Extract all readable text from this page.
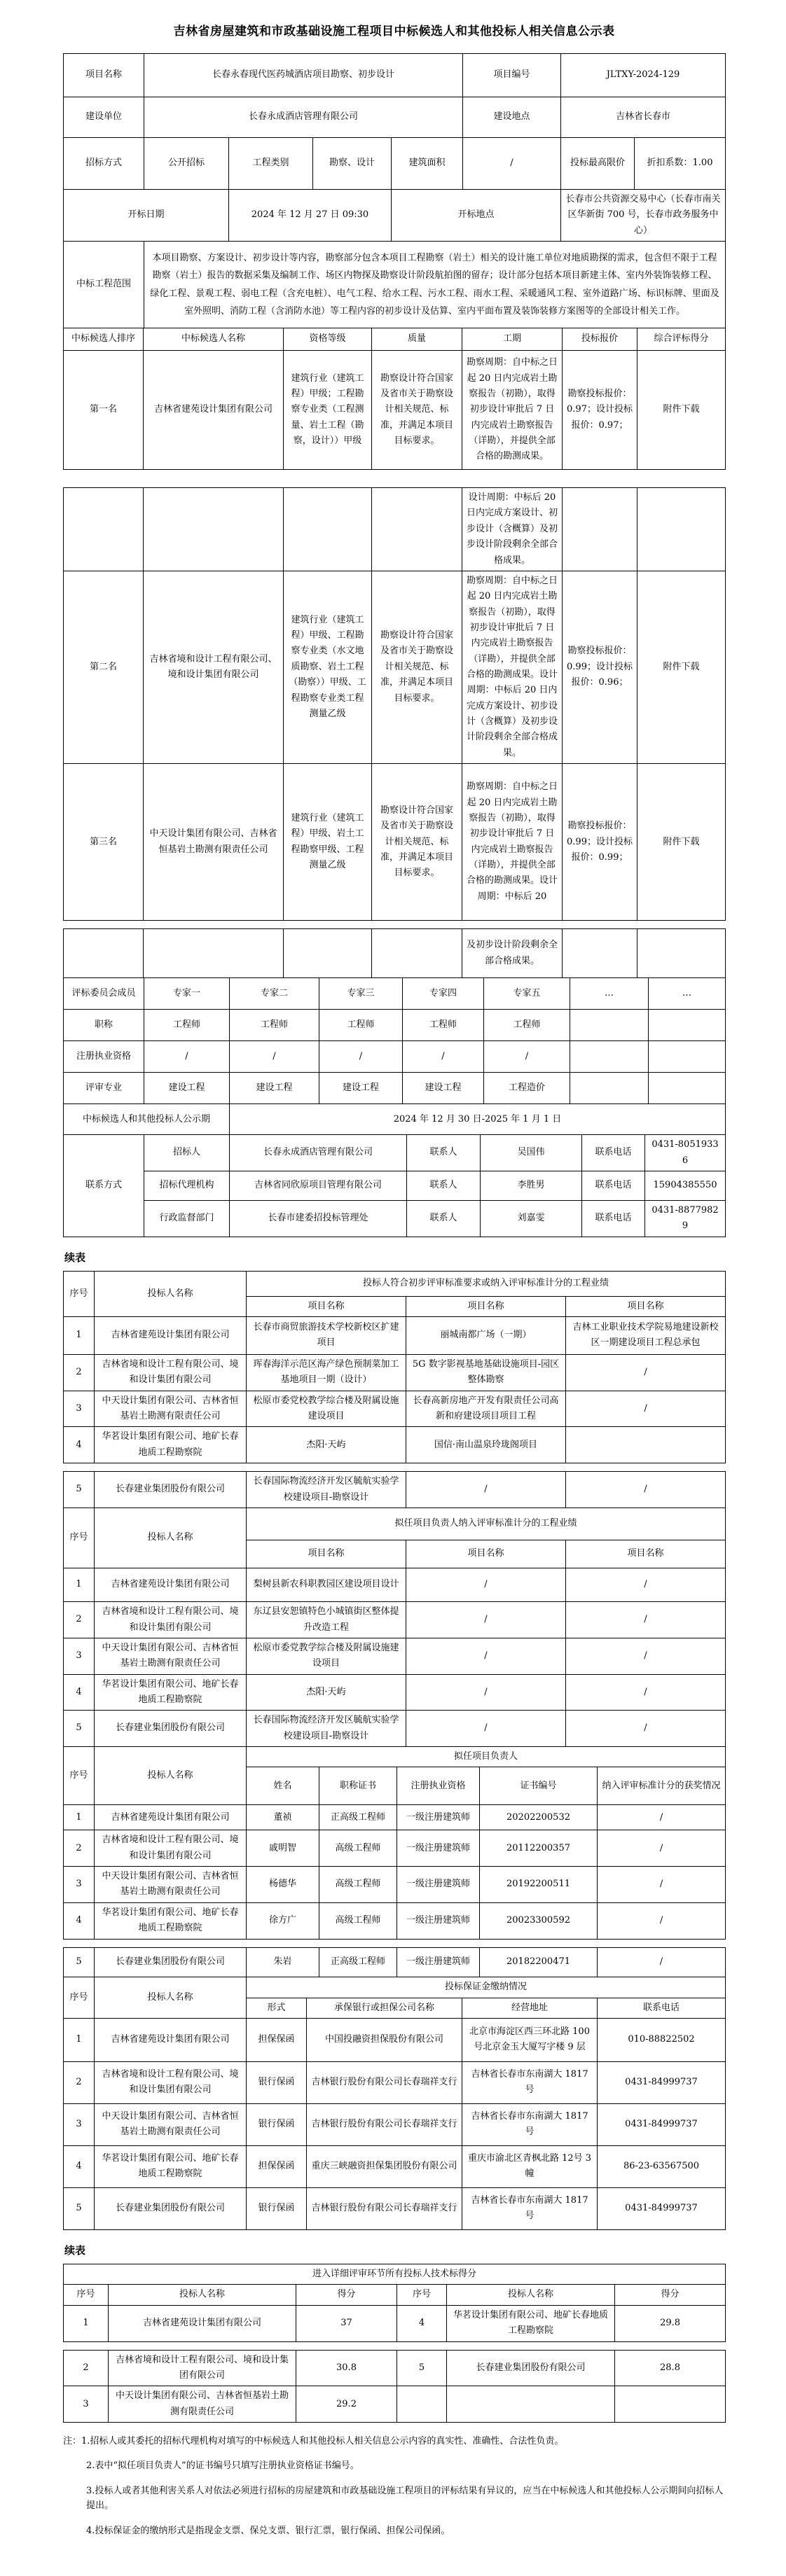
吉林省房屋建筑和市政基础设施工程项目中标候选人和其他投标人相关信息公示表
项目名称	长春永春现代医药城酒店项目勘察、初步设计	项目编号	JLTXY-2024-129
建设单位	长春永成酒店管理有限公司	建设地点	吉林省长春市
招标方式	公开招标	工程类别	勘察、设计	建筑面积	/	投标最高限价	折扣系数：1.00
开标日期	2024 年 12 月 27 日 09:30	开标地点	长春市公共资源交易中心（长春市南关区华新街 700 号，长春市政务服务中心）
中标工程范围	本项目勘察、方案设计、初步设计等内容，勘察部分包含本项目工程勘察（岩土）相关的设计施工单位对地质勘探的需求，包含但不限于工程勘察（岩土）报告的数据采集及编制工作、场区内物探及勘察设计阶段航拍图的留存；设计部分包括本项目新建主体、室内外装饰装修工程、绿化工程、景观工程、弱电工程（含充电桩）、电气工程、给水工程、污水工程、雨水工程、采暖通风工程、室外道路广场、标识标牌、里面及室外照明、消防工程（含消防水池）等工程内容的初步设计及估算、室内平面布置及装饰装修方案图等的全部设计相关工作。
中标候选人排序	中标候选人名称	资格等级	质量	工期	投标报价	综合评标得分
第一名	吉林省建苑设计集团有限公司	建筑行业（建筑工程）甲级；工程勘察专业类（工程测量、岩土工程（勘察，设计））甲级	勘察设计符合国家及省市关于勘察设计相关规范、标准，并满足本项目目标要求。	勘察周期：自中标之日起 20 日内完成岩土勘察报告（初勘），取得初步设计审批后 7 日内完成岩土勘察报告（详勘），并提供全部合格的勘测成果。	勘察投标报价：0.97；设计投标报价：0.97；	附件下载
				设计周期：中标后 20 日内完成方案设计、初步设计（含概算）及初步设计阶段剩余全部合格成果。		
第二名	吉林省境和设计工程有限公司、境和设计集团有限公司	建筑行业（建筑工程）甲级、工程勘察专业类（水文地质勘察、岩土工程（勘察））甲级、工程勘察专业类工程测量乙级	勘察设计符合国家及省市关于勘察设计相关规范、标准，并满足本项目目标要求。	勘察周期：自中标之日起 20 日内完成岩土勘察报告（初勘），取得初步设计审批后 7 日内完成岩土勘察报告（详勘），并提供全部合格的勘测成果。设计周期：中标后 20 日内完成方案设计、初步设计（含概算）及初步设计阶段剩余全部合格成果。	勘察投标报价：0.99；设计投标报价：0.96；	附件下载
第三名	中天设计集团有限公司、吉林省恒基岩土勘测有限责任公司	建筑行业（建筑工程）甲级、岩土工程勘察甲级、工程测量乙级	勘察设计符合国家及省市关于勘察设计相关规范、标准，并满足本项目目标要求。	勘察周期：自中标之日起 20 日内完成岩土勘察报告（初勘），取得初步设计审批后 7 日内完成岩土勘察报告（详勘），并提供全部合格的勘测成果。设计周期：中标后 20	勘察投标报价：0.99；设计投标报价：0.99；	附件下载
				及初步设计阶段剩余全部合格成果。		
评标委员会成员	专家一	专家二	专家三	专家四	专家五	…	…
职称	工程师	工程师	工程师	工程师	工程师		
注册执业资格	/	/	/	/	/		
评审专业	建设工程	建设工程	建设工程	建设工程	工程造价		
中标候选人和其他投标人公示期	2024 年 12 月 30 日-2025 年 1 月 1 日
联系方式	招标人	长春永成酒店管理有限公司	联系人	吴国伟	联系电话	0431-80519336
	招标代理机构	吉林省同欣原项目管理有限公司	联系人	李胜男	联系电话	15904385550
	行政监督部门	长春市建委招投标管理处	联系人	刘嘉雯	联系电话	0431-88779829
续表
序号	投标人名称	投标人符合初步评审标准要求或纳入评审标准计分的工程业绩		
		项目名称	项目名称	项目名称
1	吉林省建苑设计集团有限公司	长春市商贸旅游技术学校新校区扩建项目	丽城南都广场（一期）	吉林工业职业技术学院易地建设新校区一期建设项目工程总承包
2	吉林省境和设计工程有限公司、境和设计集团有限公司	珲春海洋示范区海产绿色预制菜加工基地项目一期（设计）	5G 数字影视基地基础设施项目-园区整体勘察	/
3	中天设计集团有限公司、吉林省恒基岩土勘测有限责任公司	松原市委党校教学综合楼及附属设施建设项目	长春高新房地产开发有限责任公司高新和府建设项目项目工程	/
4	华茗设计集团有限公司、地矿长春地质工程勘察院	杰阳·天屿	国信·南山温泉玲珑阁项目	
5	长春建业集团股份有限公司	长春国际物流经济开发区毓航实验学校建设项目-勘察设计	/	/
序号	投标人名称	拟任项目负责人纳入评审标准计分的工程业绩		
		项目名称	项目名称	项目名称
1	吉林省建苑设计集团有限公司	梨树县新农科职教园区建设项目设计	/	/
2	吉林省境和设计工程有限公司、境和设计集团有限公司	东辽县安恕镇特色小城镇街区整体提升改造工程	/	/
3	中天设计集团有限公司、吉林省恒基岩土勘测有限责任公司	松原市委党教学综合楼及附属设施建设项目	/	/
4	华茗设计集团有限公司、地矿长春地质工程勘察院	杰阳·天屿	/	/
5	长春建业集团股份有限公司	长春国际物流经济开发区毓航实验学校建设项目-勘察设计	/	/
序号	投标人名称	拟任项目负责人				
		姓名	职称证书	注册执业资格	证书编号	纳入评审标准计分的获奖情况
1	吉林省建苑设计集团有限公司	董祯	正高级工程师	一级注册建筑师	20202200532	/
2	吉林省境和设计工程有限公司、境和设计集团有限公司	戚明智	高级工程师	一级注册建筑师	20112200357	/
3	中天设计集团有限公司、吉林省恒基岩土勘测有限责任公司	杨德华	高级工程师	一级注册建筑师	20192200511	/
4	华茗设计集团有限公司、地矿长春地质工程勘察院	徐方广	高级工程师	一级注册建筑师	20023300592	/
5	长春建业集团股份有限公司	朱岩	正高级工程师	一级注册建筑师	20182200471	/
序号	投标人名称	投标保证金缴纳情况			
		形式	承保银行或担保公司名称	经营地址	联系电话
1	吉林省建苑设计集团有限公司	担保保函	中国投融资担保股份有限公司	北京市海淀区西三环北路 100 号北京金玉大厦写字楼 9 层	010-88822502
2	吉林省境和设计工程有限公司、境和设计集团有限公司	银行保函	吉林银行股份有限公司长春瑞祥支行	吉林省长春市东南湖大 1817 号	0431-84999737
3	中天设计集团有限公司、吉林省恒基岩土勘测有限责任公司	银行保函	吉林银行股份有限公司长春瑞祥支行	吉林省长春市东南湖大 1817 号	0431-84999737
4	华茗设计集团有限公司、地矿长春地质工程勘察院	担保保函	重庆三峡融资担保集团股份有限公司	重庆市渝北区青枫北路 12号 3 幢	86-23-63567500
5	长春建业集团股份有限公司	银行保函	吉林银行股份有限公司长春瑞祥支行	吉林省长春市东南湖大 1817 号	0431-84999737
续表
进入详细评审环节所有投标人技术标得分					
序号	投标人名称	得分	序号	投标人名称	得分
1	吉林省建苑设计集团有限公司	37	4	华茗设计集团有限公司、地矿长春地质工程勘察院	29.8
2	吉林省境和设计工程有限公司、境和设计集团有限公司	30.8	5	长春建业集团股份有限公司	28.8
3	中天设计集团有限公司、吉林省恒基岩土勘测有限责任公司	29.2			

注：1.招标人或其委托的招标代理机构对填写的中标候选人和其他投标人相关信息公示内容的真实性、准确性、合法性负责。

2.表中“拟任项目负责人”的证书编号只填写注册执业资格证书编号。

3.投标人或者其他利害关系人对依法必须进行招标的房屋建筑和市政基础设施工程项目的评标结果有异议的，应当在中标候选人和其他投标人公示期间向招标人提出。

4.投标保证金的缴纳形式是指现金支票、保兑支票、银行汇票，银行保函、担保公司保函。
